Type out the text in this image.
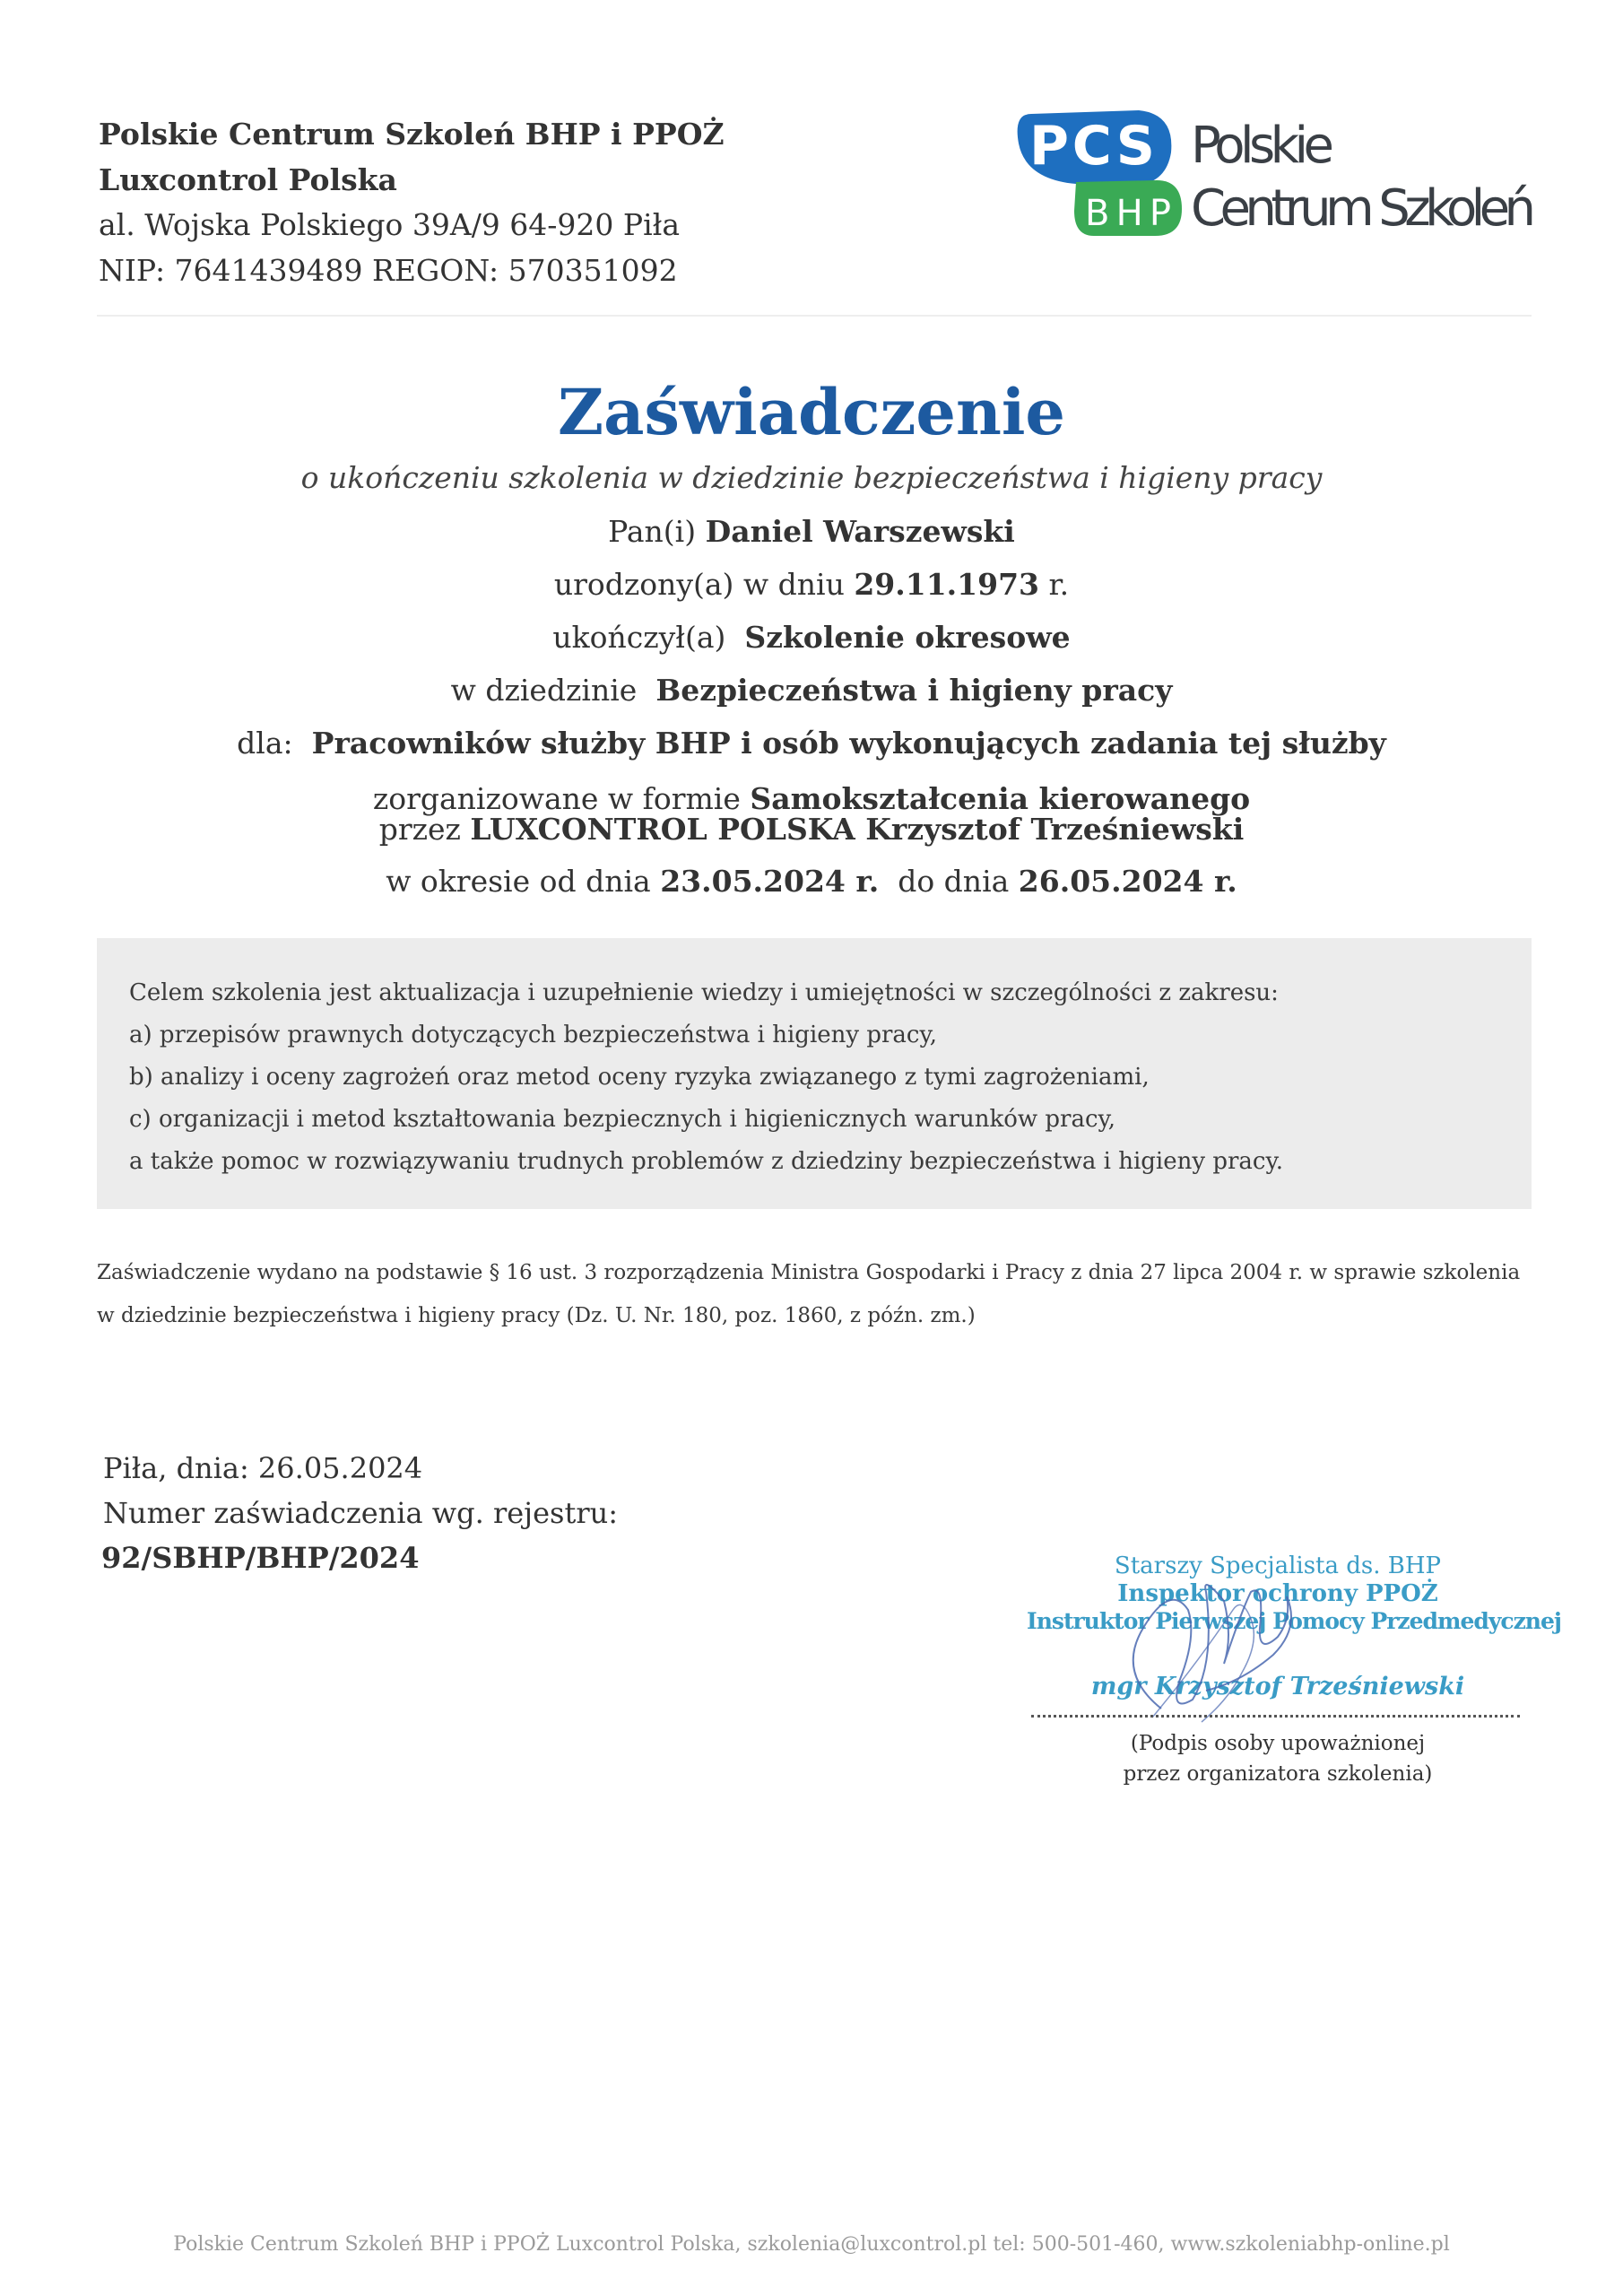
Polskie Centrum Szkoleń BHP i PPOŻ
Luxcontrol Polska
al. Wojska Polskiego 39A/9 64-920 Piła
NIP: 7641439489 REGON: 570351092
PCS
BHP
Polskie
Centrum Szkoleń
Zaświadczenie
o ukończeniu szkolenia w dziedzinie bezpieczeństwa i higieny pracy
Pan(i) Daniel Warszewski
urodzony(a) w dniu 29.11.1973 r.
ukończył(a) Szkolenie okresowe
w dziedzinie Bezpieczeństwa i higieny pracy
dla: Pracowników służby BHP i osób wykonujących zadania tej służby
zorganizowane w formie Samokształcenia kierowanego
przez LUXCONTROL POLSKA Krzysztof Trześniewski
w okresie od dnia 23.05.2024 r. do dnia 26.05.2024 r.

Celem szkolenia jest aktualizacja i uzupełnienie wiedzy i umiejętności w szczególności z zakresu:

a) przepisów prawnych dotyczących bezpieczeństwa i higieny pracy,

b) analizy i oceny zagrożeń oraz metod oceny ryzyka związanego z tymi zagrożeniami,

c) organizacji i metod kształtowania bezpiecznych i higienicznych warunków pracy,

a także pomoc w rozwiązywaniu trudnych problemów z dziedziny bezpieczeństwa i higieny pracy.

Zaświadczenie wydano na podstawie § 16 ust. 3 rozporządzenia Ministra Gospodarki i Pracy z dnia 27 lipca 2004 r. w sprawie szkolenia
w dziedzinie bezpieczeństwa i higieny pracy (Dz. U. Nr. 180, poz. 1860, z późn. zm.)
Piła, dnia: 26.05.2024
Numer zaświadczenia wg. rejestru:
92/SBHP/BHP/2024	Starszy Specjalista ds. BHP
Inspektor ochrony PPOŻ
Instruktor Pierwszej Pomocy Przedmedycznej
mgr Krzysztof Trześniewski
(Podpis osoby upoważnionej
przez organizatora szkolenia)
Polskie Centrum Szkoleń BHP i PPOŻ Luxcontrol Polska, szkolenia@luxcontrol.pl tel: 500-501-460, www.szkoleniabhp-online.pl
